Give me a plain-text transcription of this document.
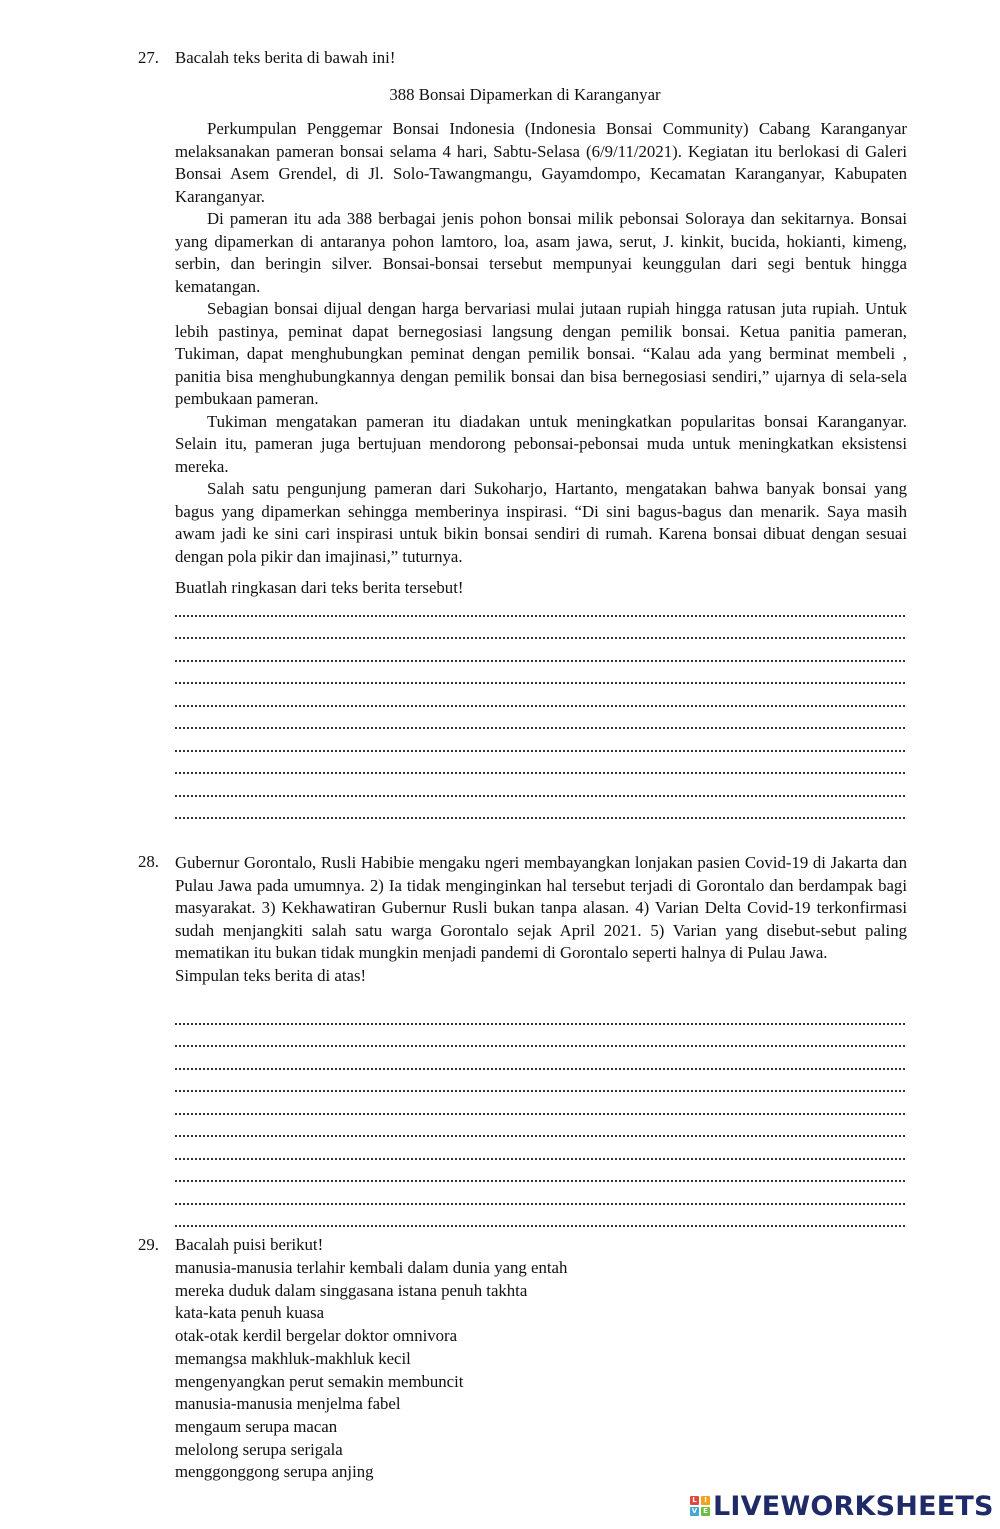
27. Bacalah teks berita di bawah ini!
388 Bonsai Dipamerkan di Karanganyar

Perkumpulan Penggemar Bonsai Indonesia (Indonesia Bonsai Community) Cabang Karanganyar melaksanakan pameran bonsai selama 4 hari, Sabtu-Selasa (6/9/11/2021). Kegiatan itu berlokasi di Galeri Bonsai Asem Grendel, di Jl. Solo-Tawangmangu, Gayamdompo, Kecamatan Karanganyar, Kabupaten Karanganyar.

Di pameran itu ada 388 berbagai jenis pohon bonsai milik pebonsai Soloraya dan sekitarnya. Bonsai yang dipamerkan di antaranya pohon lamtoro, loa, asam jawa, serut, J. kinkit, bucida, hokianti, kimeng, serbin, dan beringin silver. Bonsai-bonsai tersebut mempunyai keunggulan dari segi bentuk hingga kematangan.

Sebagian bonsai dijual dengan harga bervariasi mulai jutaan rupiah hingga ratusan juta rupiah. Untuk lebih pastinya, peminat dapat bernegosiasi langsung dengan pemilik bonsai. Ketua panitia pameran, Tukiman, dapat menghubungkan peminat dengan pemilik bonsai. “Kalau ada yang berminat membeli , panitia bisa menghubungkannya dengan pemilik bonsai dan bisa bernegosiasi sendiri,” ujarnya di sela-sela pembukaan pameran.

Tukiman mengatakan pameran itu diadakan untuk meningkatkan popularitas bonsai Karanganyar. Selain itu, pameran juga bertujuan mendorong pebonsai-pebonsai muda untuk meningkatkan eksistensi mereka.

Salah satu pengunjung pameran dari Sukoharjo, Hartanto, mengatakan bahwa banyak bonsai yang bagus yang dipamerkan sehingga memberinya inspirasi. “Di sini bagus-bagus dan menarik. Saya masih awam jadi ke sini cari inspirasi untuk bikin bonsai sendiri di rumah. Karena bonsai dibuat dengan sesuai dengan pola pikir dan imajinasi,” tuturnya.

Buatlah ringkasan dari teks berita tersebut!
28. Gubernur Gorontalo, Rusli Habibie mengaku ngeri membayangkan lonjakan pasien Covid-19 di Jakarta dan Pulau Jawa pada umumnya. 2) Ia tidak menginginkan hal tersebut terjadi di Gorontalo dan berdampak bagi masyarakat. 3) Kekhawatiran Gubernur Rusli bukan tanpa alasan. 4) Varian Delta Covid-19 terkonfirmasi sudah menjangkiti salah satu warga Gorontalo sejak April 2021. 5) Varian yang disebut-sebut paling mematikan itu bukan tidak mungkin menjadi pandemi di Gorontalo seperti halnya di Pulau Jawa.

Simpulan teks berita di atas!
29. Bacalah puisi berikut!
manusia-manusia terlahir kembali dalam dunia yang entah
mereka duduk dalam singgasana istana penuh takhta
kata-kata penuh kuasa
otak-otak kerdil bergelar doktor omnivora
memangsa makhluk-makhluk kecil
mengenyangkan perut semakin membuncit
manusia-manusia menjelma fabel
mengaum serupa macan
melolong serupa serigala
menggonggong serupa anjing
L	I
V E LIVEWORKSHEETS
